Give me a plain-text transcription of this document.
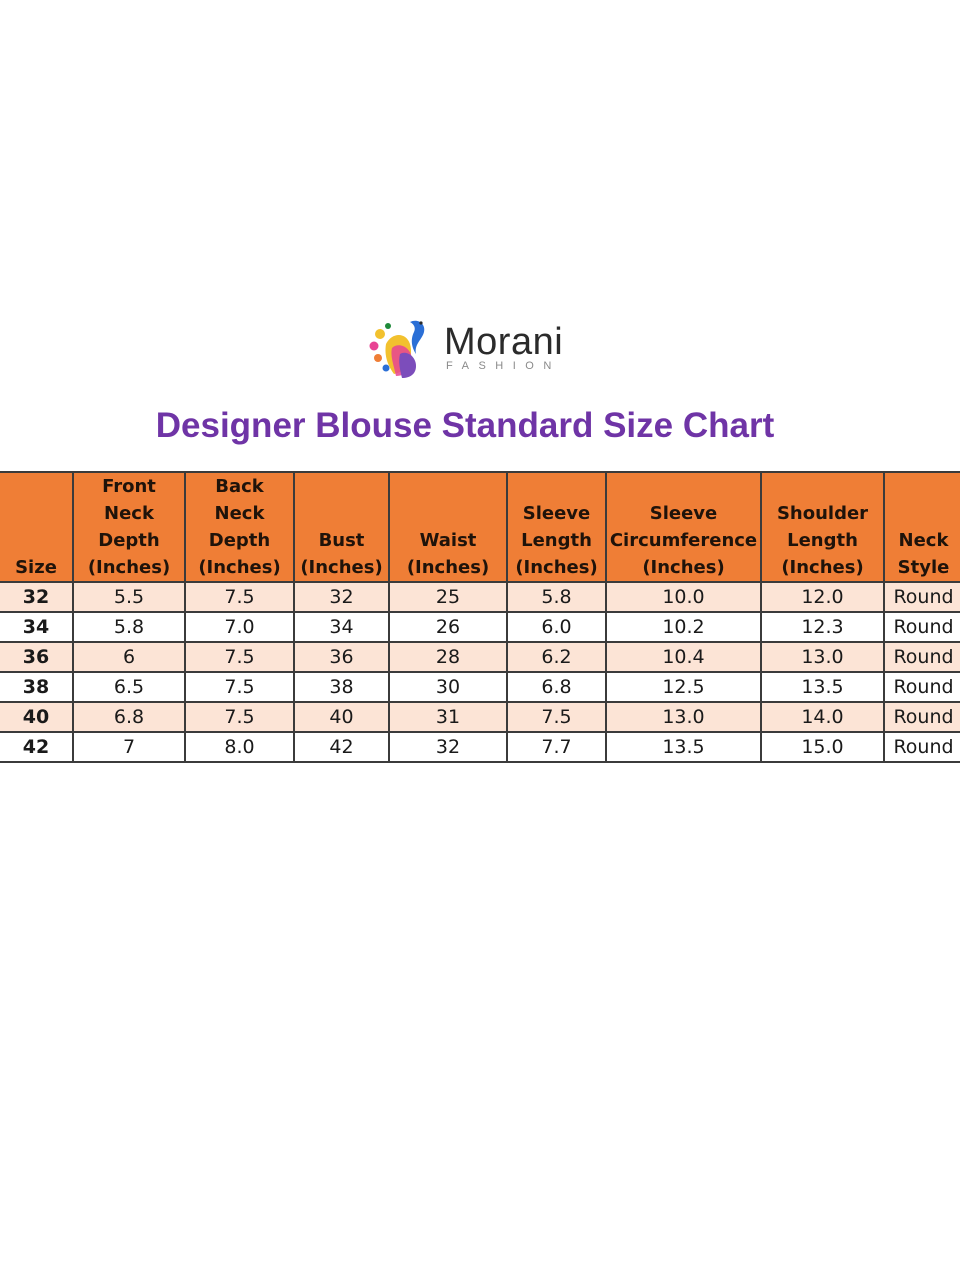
Morani
FASHION
Designer Blouse Standard Size Chart
Size	Front
Neck
Depth
(Inches)	Back
Neck
Depth
(Inches)	Bust
(Inches)	Waist
(Inches)	Sleeve
Length
(Inches)	Sleeve
Circumference
(Inches)	Shoulder
Length
(Inches)	Neck
Style

32	5.5	7.5	32	25	5.8	10.0	12.0	Round
34	5.8	7.0	34	26	6.0	10.2	12.3	Round
36	6	7.5	36	28	6.2	10.4	13.0	Round
38	6.5	7.5	38	30	6.8	12.5	13.5	Round
40	6.8	7.5	40	31	7.5	13.0	14.0	Round
42	7	8.0	42	32	7.7	13.5	15.0	Round
